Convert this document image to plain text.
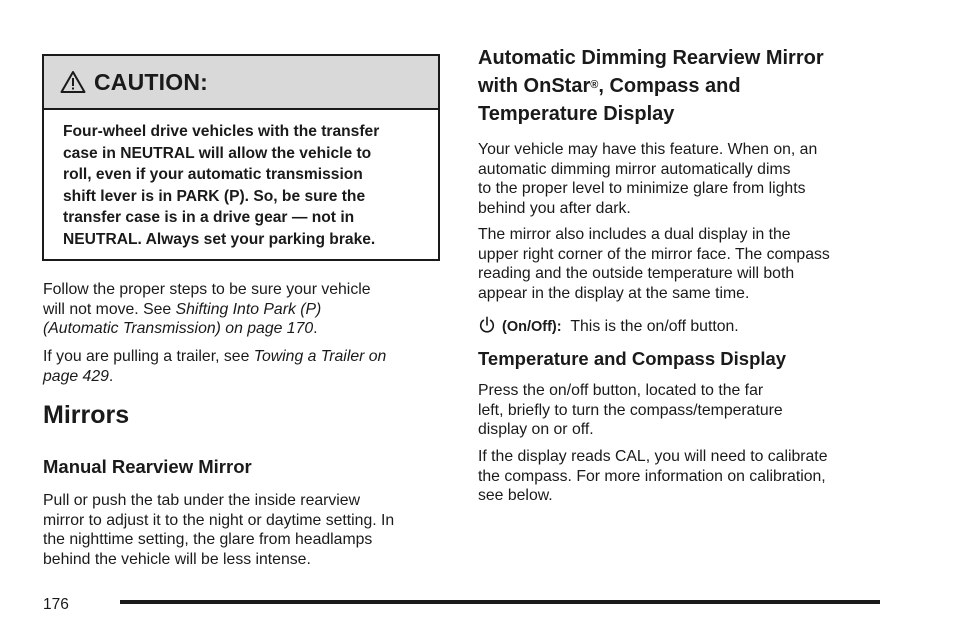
CAUTION:
Four-wheel drive vehicles with the transfer
case in NEUTRAL will allow the vehicle to
roll, even if your automatic transmission
shift lever is in PARK (P). So, be sure the
transfer case is in a drive gear — not in
NEUTRAL. Always set your parking brake.
Follow the proper steps to be sure your vehicle
will not move. See Shifting Into Park (P)
(Automatic Transmission) on page 170.
If you are pulling a trailer, see Towing a Trailer on
page 429.
Mirrors
Manual Rearview Mirror
Pull or push the tab under the inside rearview
mirror to adjust it to the night or daytime setting. In
the nighttime setting, the glare from headlamps
behind the vehicle will be less intense.
Automatic Dimming Rearview Mirror
with OnStar®, Compass and
Temperature Display
Your vehicle may have this feature. When on, an
automatic dimming mirror automatically dims
to the proper level to minimize glare from lights
behind you after dark.
The mirror also includes a dual display in the
upper right corner of the mirror face. The compass
reading and the outside temperature will both
appear in the display at the same time.
(On/Off): This is the on/off button.
Temperature and Compass Display
Press the on/off button, located to the far
left, briefly to turn the compass/temperature
display on or off.
If the display reads CAL, you will need to calibrate
the compass. For more information on calibration,
see below.
176
